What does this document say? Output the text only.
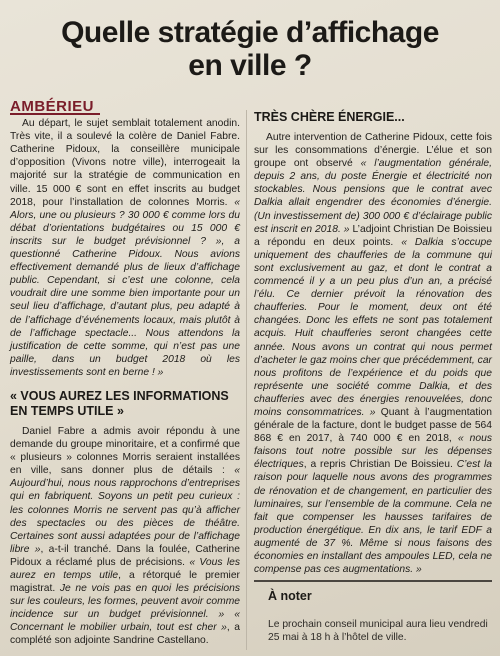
Quelle stratégie d’affichage
en ville ?
AMBÉRIEU

Au départ, le sujet semblait totalement anodin. Très vite, il a soulevé la colère de Daniel Fabre. Catherine Pidoux, la conseillère municipale d’opposition (Vivons notre ville), interrogeait la majorité sur la stratégie de communication en ville. 15 000 € sont en effet inscrits au budget 2018, pour l’installation de colonnes Morris. « Alors, une ou plusieurs ? 30 000 € comme lors du débat d’orientations budgétaires ou 15 000 € inscrits sur le budget prévisionnel ? », a questionné Catherine Pidoux. Nous avions effectivement demandé plus de lieux d’affichage public. Cependant, si c’est une colonne, cela voudrait dire une somme bien importante pour un seul lieu d’affichage, d’autant plus, peu adapté à de l’affichage d’événements locaux, mais plutôt à de l’affichage spectacle... Nous attendons la justification de cette somme, qui n’est pas une paille, dans un budget 2018 où les investissements sont en berne ! »

« VOUS AUREZ LES INFORMATIONS EN TEMPS UTILE »

Daniel Fabre a admis avoir répondu à une demande du groupe minoritaire, et a confirmé que « plusieurs » colonnes Morris seraient installées en ville, sans donner plus de détails : « Aujourd’hui, nous nous rapprochons d’entreprises qui en fabriquent. Soyons un petit peu curieux : les colonnes Morris ne servent pas qu’à afficher des spectacles ou des pièces de théâtre. Certaines sont aussi adaptées pour de l’affichage libre », a-t-il tranché. Dans la foulée, Catherine Pidoux a réclamé plus de précisions. « Vous les aurez en temps utile, a rétorqué le premier magistrat. Je ne vois pas en quoi les précisions sur les couleurs, les formes, peuvent avoir comme incidence sur un budget prévisionnel. » « Concernant le mobilier urbain, tout est cher », a complété son adjointe Sandrine Castellano.

TRÈS CHÈRE ÉNERGIE...

Autre intervention de Catherine Pidoux, cette fois sur les consommations d’énergie. L’élue et son groupe ont observé « l’augmentation générale, depuis 2 ans, du poste Énergie et électricité non stockables. Nous pensions que le contrat avec Dalkia allait engendrer des économies d’énergie. (Un investissement de) 300 000 € d’éclairage public est inscrit en 2018. » L’adjoint Christian De Boissieu a répondu en deux points. « Dalkia s’occupe uniquement des chaufferies de la commune qui sont exclusivement au gaz, et dont le contrat a commencé il y a un peu plus d’un an, a précisé l’élu. Ce dernier prévoit la rénovation des chaufferies. Pour le moment, deux ont été changées. Donc les effets ne sont pas totalement acquis. Huit chaufferies seront changées cette année. Nous avons un contrat qui nous permet d’acheter le gaz moins cher que précédemment, car nous profitons de l’expérience et du poids que représente une société comme Dalkia, et des chaufferies avec des énergies renouvelées, donc moins consommatrices. » Quant à l’augmentation générale de la facture, dont le budget passe de 564 868 € en 2017, à 740 000 € en 2018, « nous faisons tout notre possible sur les dépenses électriques, a repris Christian De Boissieu. C’est la raison pour laquelle nous avons des programmes de rénovation et de changement, en particulier des luminaires, sur l’ensemble de la commune. Cela ne fait que compenser les hausses tarifaires de production énergétique. En dix ans, le tarif EDF a augmenté de 37 %. Même si nous faisons des économies en installant des ampoules LED, cela ne compense pas ces augmentations. »

À noter
Le prochain conseil municipal aura lieu vendredi 25 mai à 18 h à l’hôtel de ville.
